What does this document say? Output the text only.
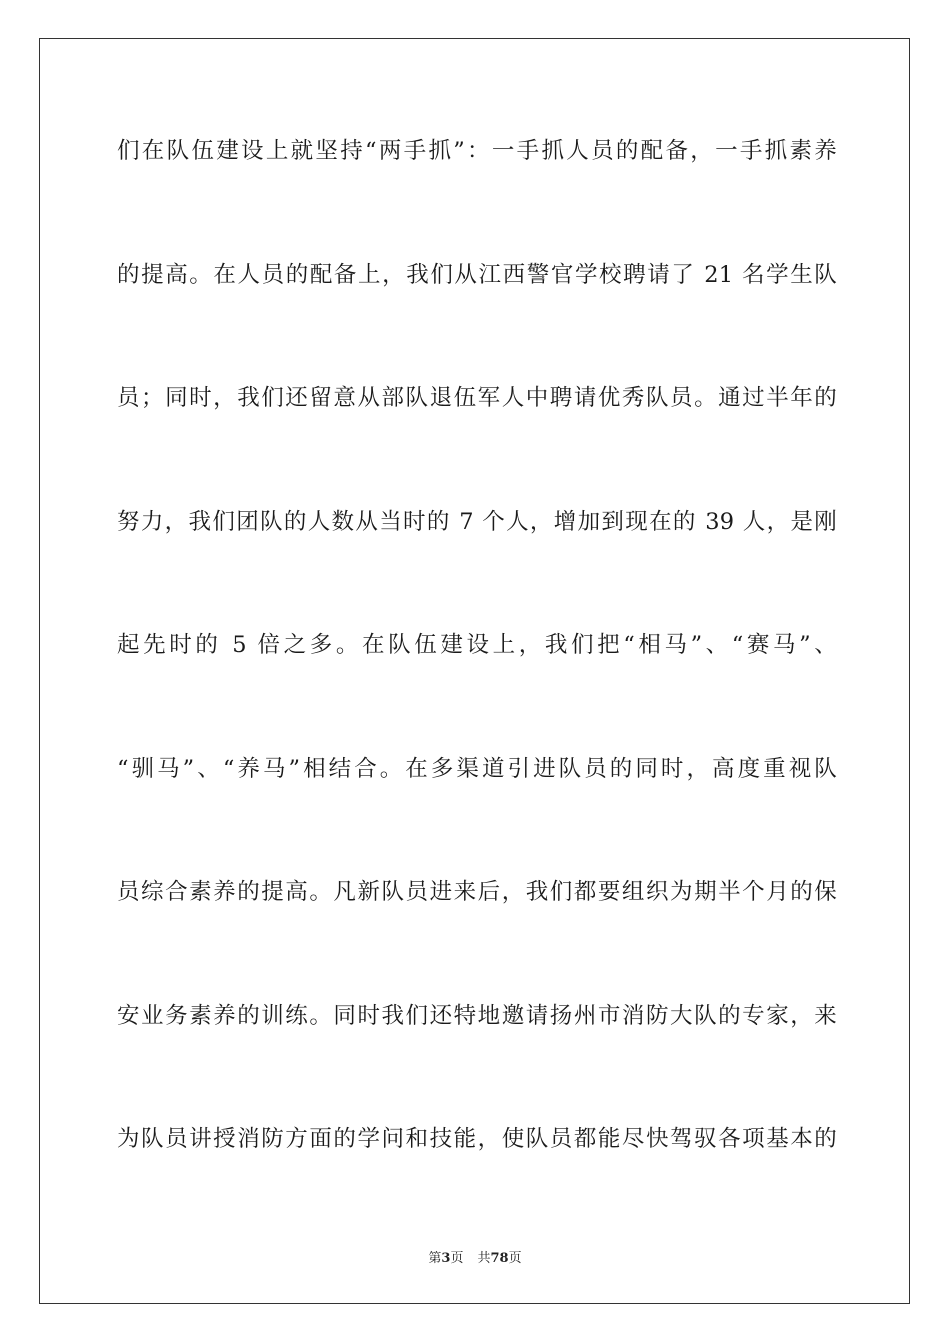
们在队伍建设上就坚持“两手抓”：一手抓人员的配备，一手抓素养
的提高。在人员的配备上，我们从江西警官学校聘请了 21 名学生队
员；同时，我们还留意从部队退伍军人中聘请优秀队员。通过半年的
努力，我们团队的人数从当时的 7 个人，增加到现在的 39 人，是刚
起先时的 5 倍之多。在队伍建设上，我们把“相马”、“赛马”、
“驯马”、“养马”相结合。在多渠道引进队员的同时，高度重视队
员综合素养的提高。凡新队员进来后，我们都要组织为期半个月的保
安业务素养的训练。同时我们还特地邀请扬州市消防大队的专家，来
为队员讲授消防方面的学问和技能，使队员都能尽快驾驭各项基本的
第3页 共78页
